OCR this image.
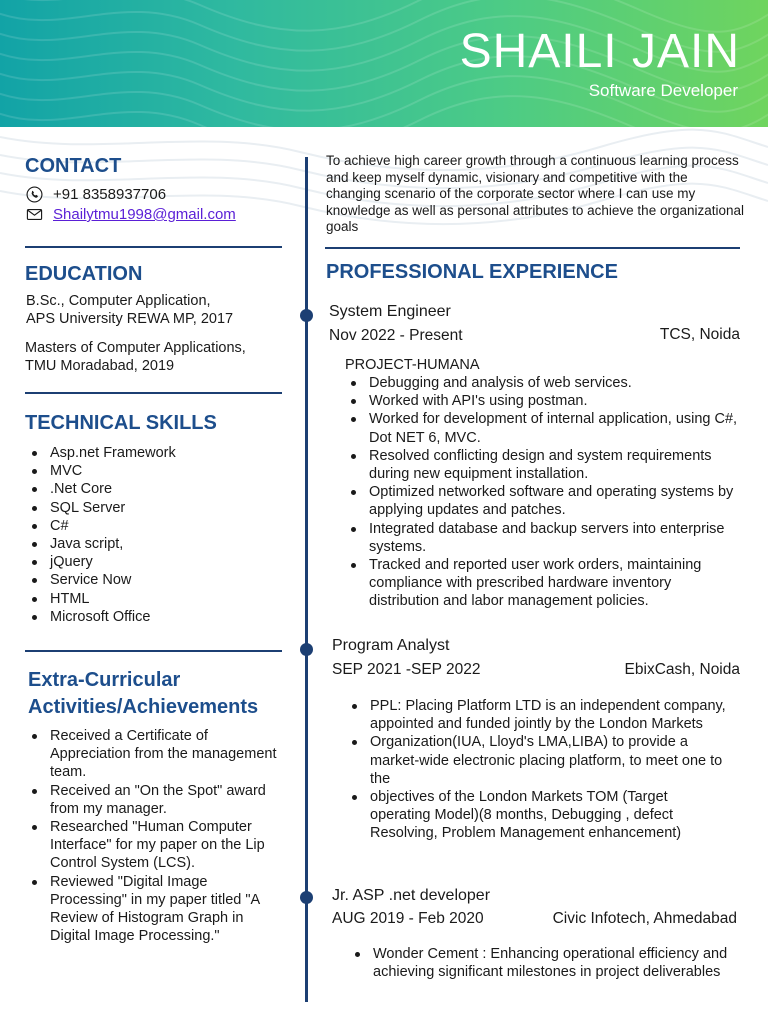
SHAILI JAIN
Software Developer
CONTACT
+91 8358937706
Shailytmu1998@gmail.com
EDUCATION
B.Sc., Computer Application,
APS University REWA MP, 2017
Masters of Computer Applications,
TMU Moradabad, 2019
TECHNICAL SKILLS
Asp.net Framework
MVC
.Net Core
SQL Server
C#
Java script,
jQuery
Service Now
HTML
Microsoft Office
Extra-Curricular
Activities/Achievements
Received a Certificate of Appreciation from the management team.
Received an "On the Spot" award from my manager.
Researched "Human Computer Interface" for my paper on the Lip Control System (LCS).
Reviewed "Digital Image Processing" in my paper titled "A Review of Histogram Graph in Digital Image Processing."
To achieve high career growth through a continuous learning process and keep myself dynamic, visionary and competitive with the changing scenario of the corporate sector where I can use my knowledge as well as personal attributes to achieve the organizational goals
PROFESSIONAL EXPERIENCE
System Engineer
Nov 2022 - Present	TCS, Noida
PROJECT-HUMANA
Debugging and analysis of web services.
Worked with API's using postman.
Worked for development of internal application, using C#, Dot NET 6, MVC.
Resolved conflicting design and system requirements during new equipment installation.
Optimized networked software and operating systems by applying updates and patches.
Integrated database and backup servers into enterprise systems.
Tracked and reported user work orders, maintaining compliance with prescribed hardware inventory distribution and labor management policies.
Program Analyst
SEP 2021 -SEP 2022	EbixCash, Noida
PPL: Placing Platform LTD is an independent company, appointed and funded jointly by the London Markets
Organization(IUA, Lloyd's LMA,LIBA) to provide a market-wide electronic placing platform, to meet one to the
objectives of the London Markets TOM (Target operating Model)(8 months, Debugging , defect Resolving, Problem Management enhancement)
Jr. ASP .net developer
AUG 2019 - Feb 2020	Civic Infotech, Ahmedabad
Wonder Cement : Enhancing operational efficiency and achieving significant milestones in project deliverables
